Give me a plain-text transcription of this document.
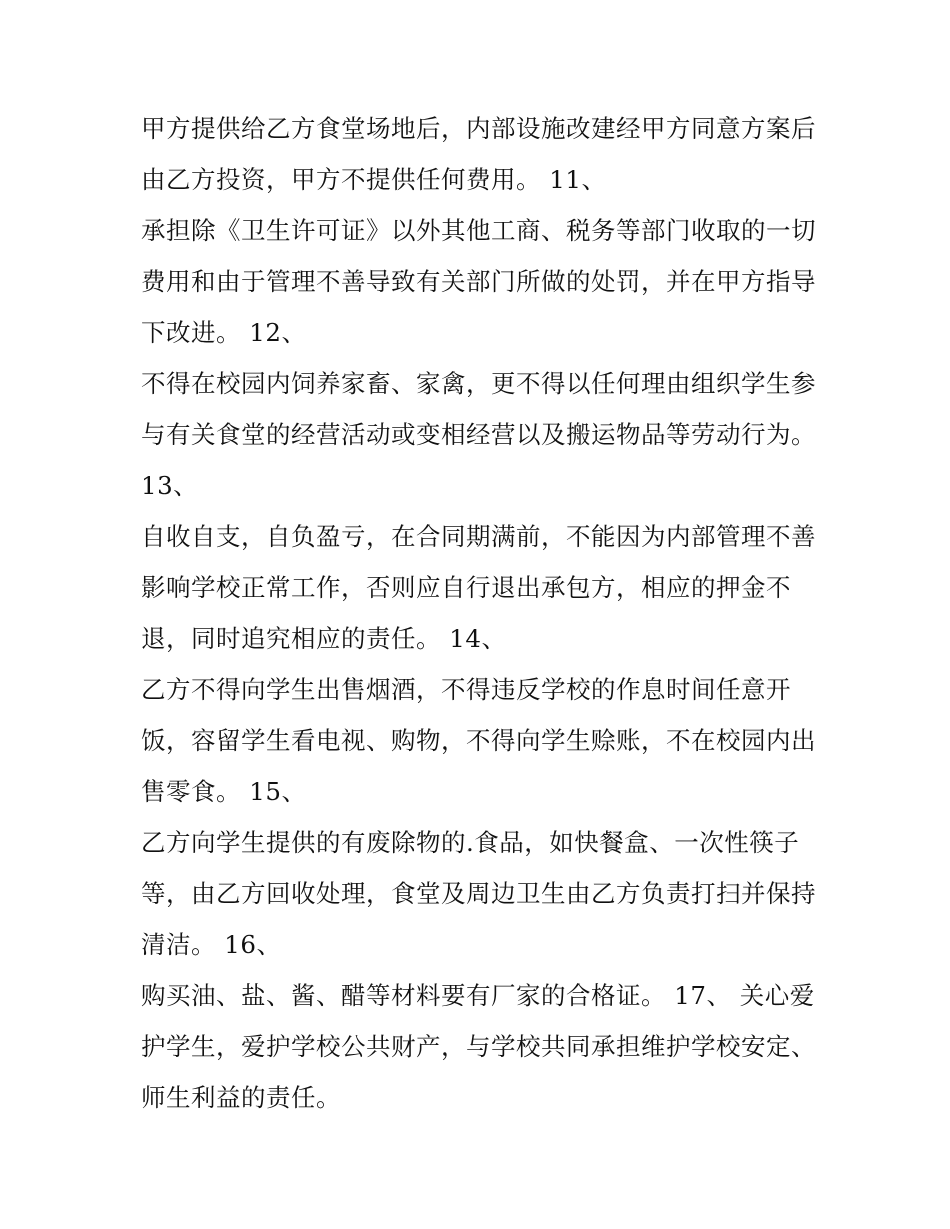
甲方提供给乙方食堂场地后，内部设施改建经甲方同意方案后
由乙方投资，甲方不提供任何费用。 11、
承担除《卫生许可证》以外其他工商、税务等部门收取的一切
费用和由于管理不善导致有关部门所做的处罚，并在甲方指导
下改进。 12、
不得在校园内饲养家畜、家禽，更不得以任何理由组织学生参
与有关食堂的经营活动或变相经营以及搬运物品等劳动行为。
13、
自收自支，自负盈亏，在合同期满前，不能因为内部管理不善
影响学校正常工作，否则应自行退出承包方，相应的押金不
退，同时追究相应的责任。 14、
乙方不得向学生出售烟酒，不得违反学校的作息时间任意开
饭，容留学生看电视、购物，不得向学生赊账，不在校园内出
售零食。 15、
乙方向学生提供的有废除物的.食品，如快餐盒、一次性筷子
等，由乙方回收处理，食堂及周边卫生由乙方负责打扫并保持
清洁。 16、
购买油、盐、酱、醋等材料要有厂家的合格证。 17、 关心爱
护学生，爱护学校公共财产，与学校共同承担维护学校安定、
师生利益的责任。
